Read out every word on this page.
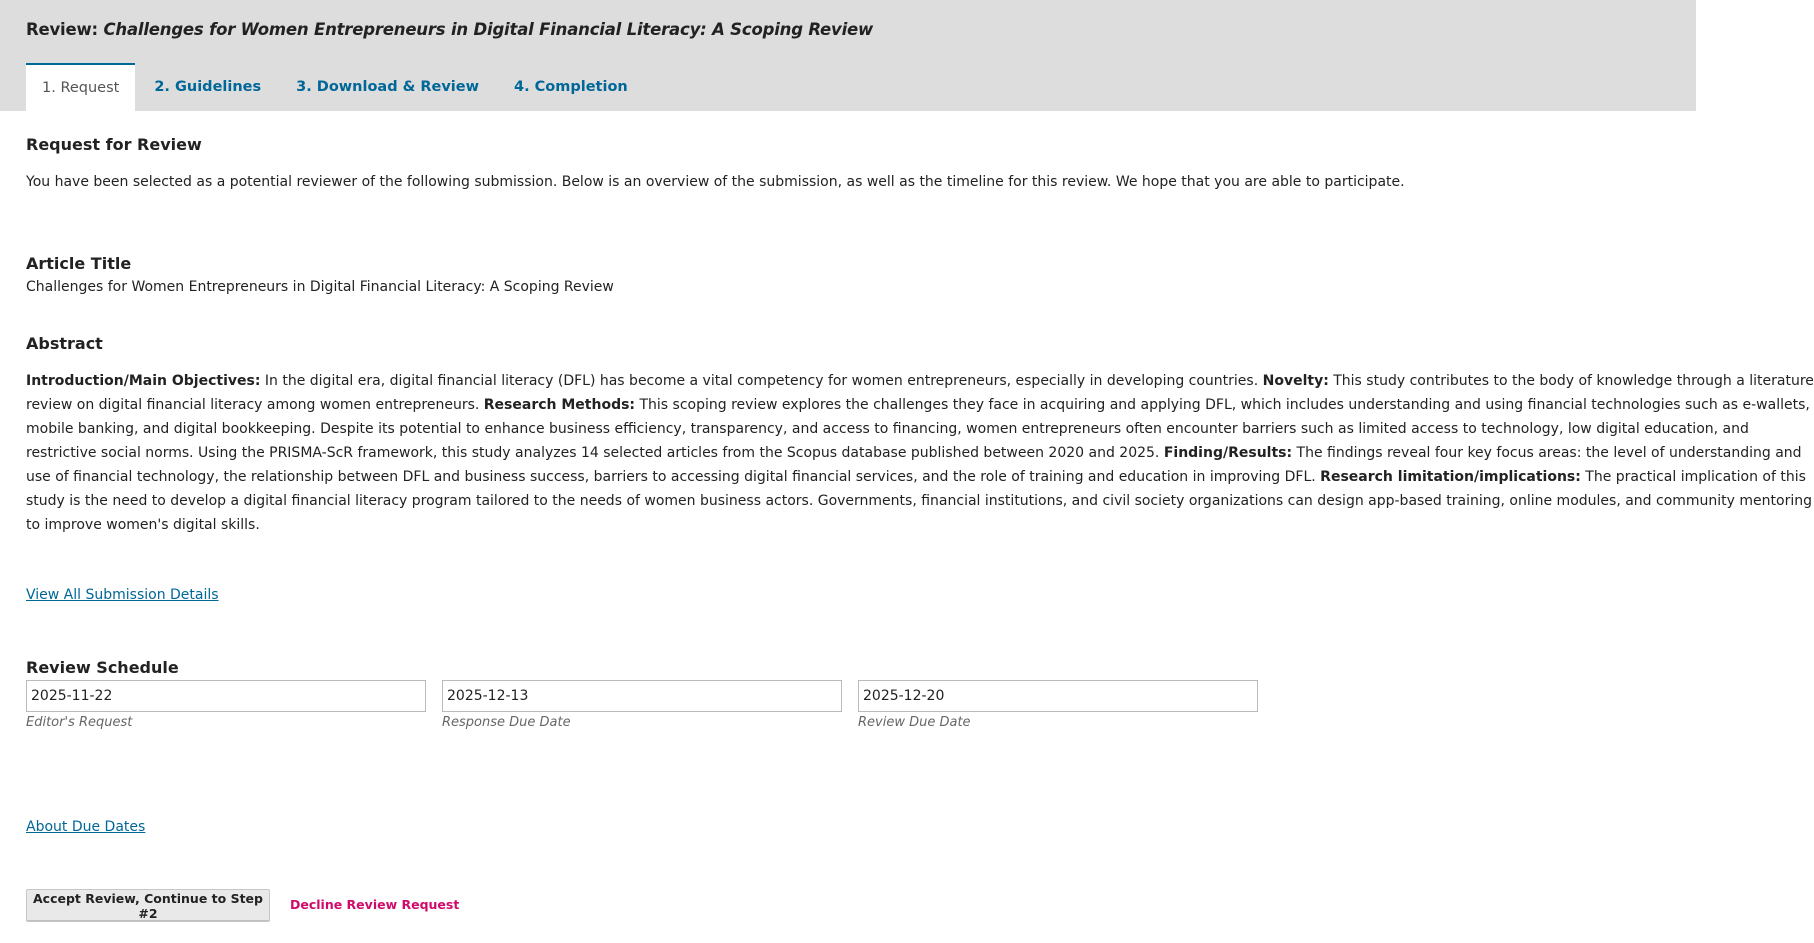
Review: Challenges for Women Entrepreneurs in Digital Financial Literacy: A Scoping Review
1. Request	2. Guidelines	3. Download & Review	4. Completion
Request for Review
You have been selected as a potential reviewer of the following submission. Below is an overview of the submission, as well as the timeline for this review. We hope that you are able to participate.
Article Title
Challenges for Women Entrepreneurs in Digital Financial Literacy: A Scoping Review
Abstract
Introduction/Main Objectives: In the digital era, digital financial literacy (DFL) has become a vital competency for women entrepreneurs, especially in developing countries. Novelty: This study contributes to the body of knowledge through a literature
review on digital financial literacy among women entrepreneurs. Research Methods: This scoping review explores the challenges they face in acquiring and applying DFL, which includes understanding and using financial technologies such as e-wallets,
mobile banking, and digital bookkeeping. Despite its potential to enhance business efficiency, transparency, and access to financing, women entrepreneurs often encounter barriers such as limited access to technology, low digital education, and
restrictive social norms. Using the PRISMA-ScR framework, this study analyzes 14 selected articles from the Scopus database published between 2020 and 2025. Finding/Results: The findings reveal four key focus areas: the level of understanding and
use of financial technology, the relationship between DFL and business success, barriers to accessing digital financial services, and the role of training and education in improving DFL. Research limitation/implications: The practical implication of this
study is the need to develop a digital financial literacy program tailored to the needs of women business actors. Governments, financial institutions, and civil society organizations can design app-based training, online modules, and community mentoring
to improve women's digital skills.
View All Submission Details
Review Schedule
2025-11-22
Editor's Request
2025-12-13	Response Due Date
2025-12-20	Review Due Date
About Due Dates
Accept Review, Continue to Step #2
Decline Review Request
